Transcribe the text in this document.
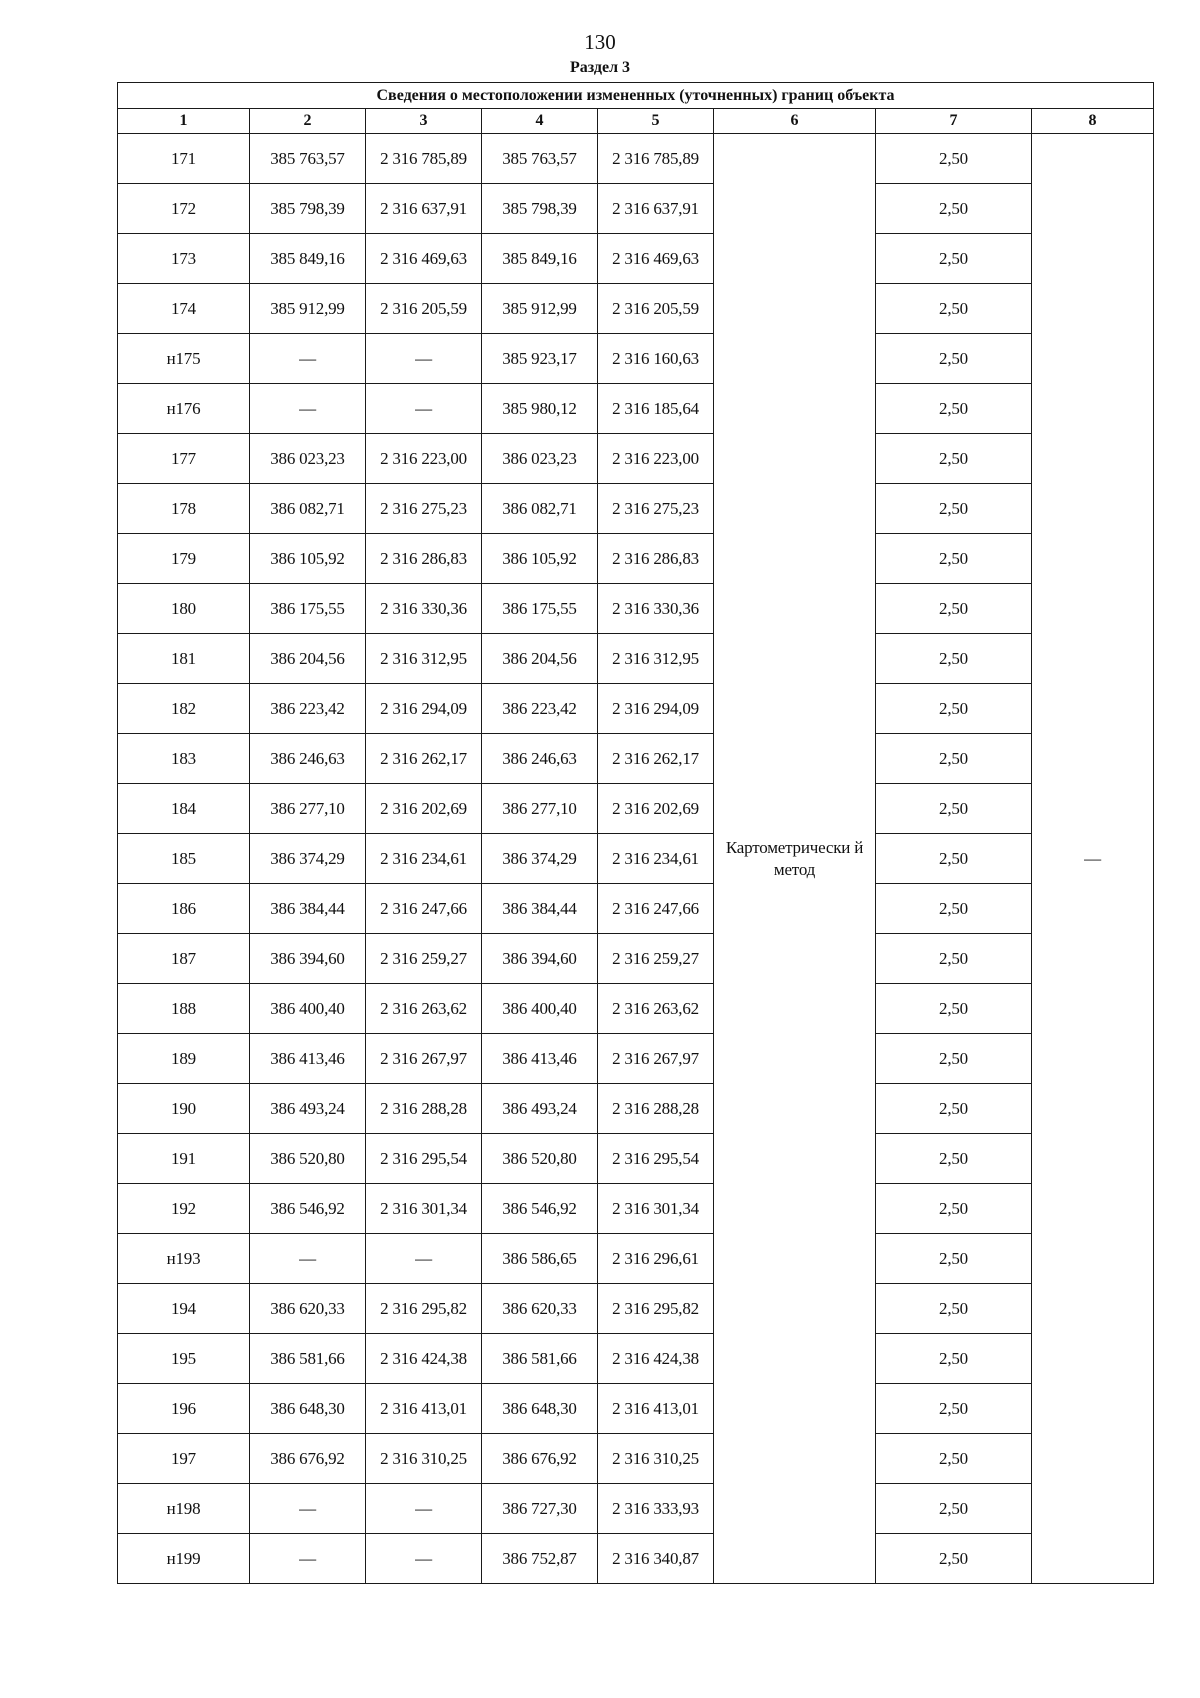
130
Раздел 3
Сведения о местоположении измененных (уточненных) границ объекта							
1	2	3	4	5	6	7	8
171	385 763,57	2 316 785,89	385 763,57	2 316 785,89	Картометрически й метод	2,50	—
172	385 798,39	2 316 637,91	385 798,39	2 316 637,91		2,50	
173	385 849,16	2 316 469,63	385 849,16	2 316 469,63		2,50	
174	385 912,99	2 316 205,59	385 912,99	2 316 205,59		2,50	
н175	—	—	385 923,17	2 316 160,63		2,50	
н176	—	—	385 980,12	2 316 185,64		2,50	
177	386 023,23	2 316 223,00	386 023,23	2 316 223,00		2,50	
178	386 082,71	2 316 275,23	386 082,71	2 316 275,23		2,50	
179	386 105,92	2 316 286,83	386 105,92	2 316 286,83		2,50	
180	386 175,55	2 316 330,36	386 175,55	2 316 330,36		2,50	
181	386 204,56	2 316 312,95	386 204,56	2 316 312,95		2,50	
182	386 223,42	2 316 294,09	386 223,42	2 316 294,09		2,50	
183	386 246,63	2 316 262,17	386 246,63	2 316 262,17		2,50	
184	386 277,10	2 316 202,69	386 277,10	2 316 202,69		2,50	
185	386 374,29	2 316 234,61	386 374,29	2 316 234,61		2,50	
186	386 384,44	2 316 247,66	386 384,44	2 316 247,66		2,50	
187	386 394,60	2 316 259,27	386 394,60	2 316 259,27		2,50	
188	386 400,40	2 316 263,62	386 400,40	2 316 263,62		2,50	
189	386 413,46	2 316 267,97	386 413,46	2 316 267,97		2,50	
190	386 493,24	2 316 288,28	386 493,24	2 316 288,28		2,50	
191	386 520,80	2 316 295,54	386 520,80	2 316 295,54		2,50	
192	386 546,92	2 316 301,34	386 546,92	2 316 301,34		2,50	
н193	—	—	386 586,65	2 316 296,61		2,50	
194	386 620,33	2 316 295,82	386 620,33	2 316 295,82		2,50	
195	386 581,66	2 316 424,38	386 581,66	2 316 424,38		2,50	
196	386 648,30	2 316 413,01	386 648,30	2 316 413,01		2,50	
197	386 676,92	2 316 310,25	386 676,92	2 316 310,25		2,50	
н198	—	—	386 727,30	2 316 333,93		2,50	
н199	—	—	386 752,87	2 316 340,87		2,50	
